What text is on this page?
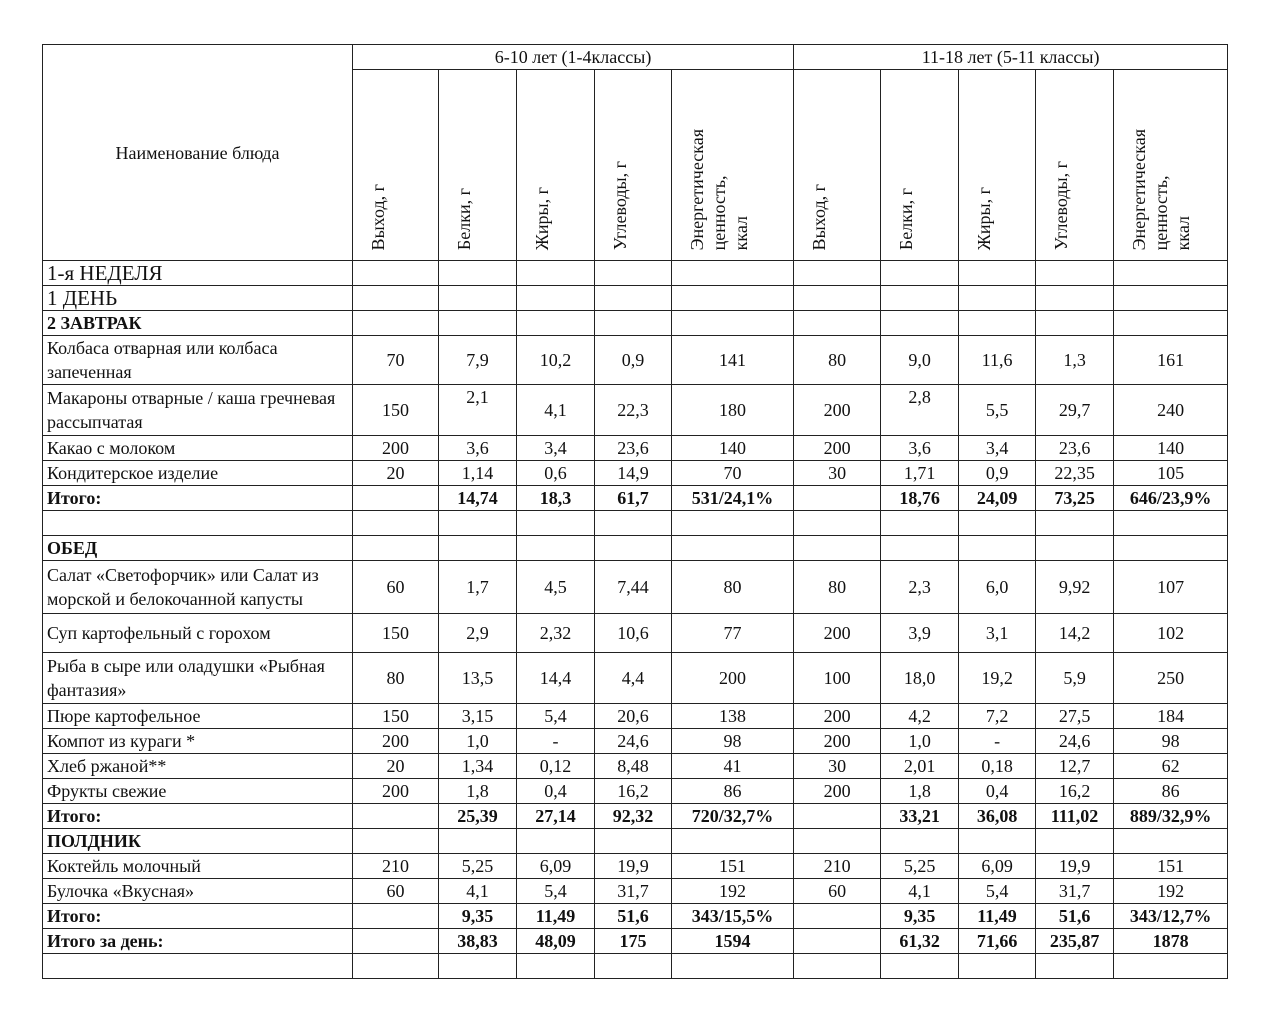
Наименование блюда	6-10 лет (1-4классы)					11-18 лет (5-11 классы)				

	Выход, г	Белки, г	Жиры, г	Углеводы, г	Энергетическая
ценность,
ккал	Выход, г	Белки, г	Жиры, г	Углеводы, г	Энергетическая
ценность,
ккал

1-я НЕДЕЛЯ										
1 ДЕНЬ										
2 ЗАВТРАК										
Колбаса отварная или колбаса запеченная	70	7,9	10,2	0,9	141	80	9,0	11,6	1,3	161
Макароны отварные / каша гречневая рассыпчатая	150	2,1	4,1	22,3	180	200	2,8	5,5	29,7	240
Какао с молоком	200	3,6	3,4	23,6	140	200	3,6	3,4	23,6	140
Кондитерское изделие	20	1,14	0,6	14,9	70	30	1,71	0,9	22,35	105
Итого:		14,74	18,3	61,7	531/24,1%		18,76	24,09	73,25	646/23,9%

ОБЕД										
Салат «Светофорчик» или Салат из морской и белокочанной капусты	60	1,7	4,5	7,44	80	80	2,3	6,0	9,92	107
Суп картофельный с горохом	150	2,9	2,32	10,6	77	200	3,9	3,1	14,2	102
Рыба в сыре или оладушки «Рыбная фантазия»	80	13,5	14,4	4,4	200	100	18,0	19,2	5,9	250
Пюре картофельное	150	3,15	5,4	20,6	138	200	4,2	7,2	27,5	184
Компот из кураги *	200	1,0	-	24,6	98	200	1,0	-	24,6	98
Хлеб ржаной**	20	1,34	0,12	8,48	41	30	2,01	0,18	12,7	62
Фрукты свежие	200	1,8	0,4	16,2	86	200	1,8	0,4	16,2	86
Итого:		25,39	27,14	92,32	720/32,7%		33,21	36,08	111,02	889/32,9%
ПОЛДНИК										
Коктейль молочный	210	5,25	6,09	19,9	151	210	5,25	6,09	19,9	151
Булочка «Вкусная»	60	4,1	5,4	31,7	192	60	4,1	5,4	31,7	192
Итого:		9,35	11,49	51,6	343/15,5%		9,35	11,49	51,6	343/12,7%
Итого за день:		38,83	48,09	175	1594		61,32	71,66	235,87	1878
